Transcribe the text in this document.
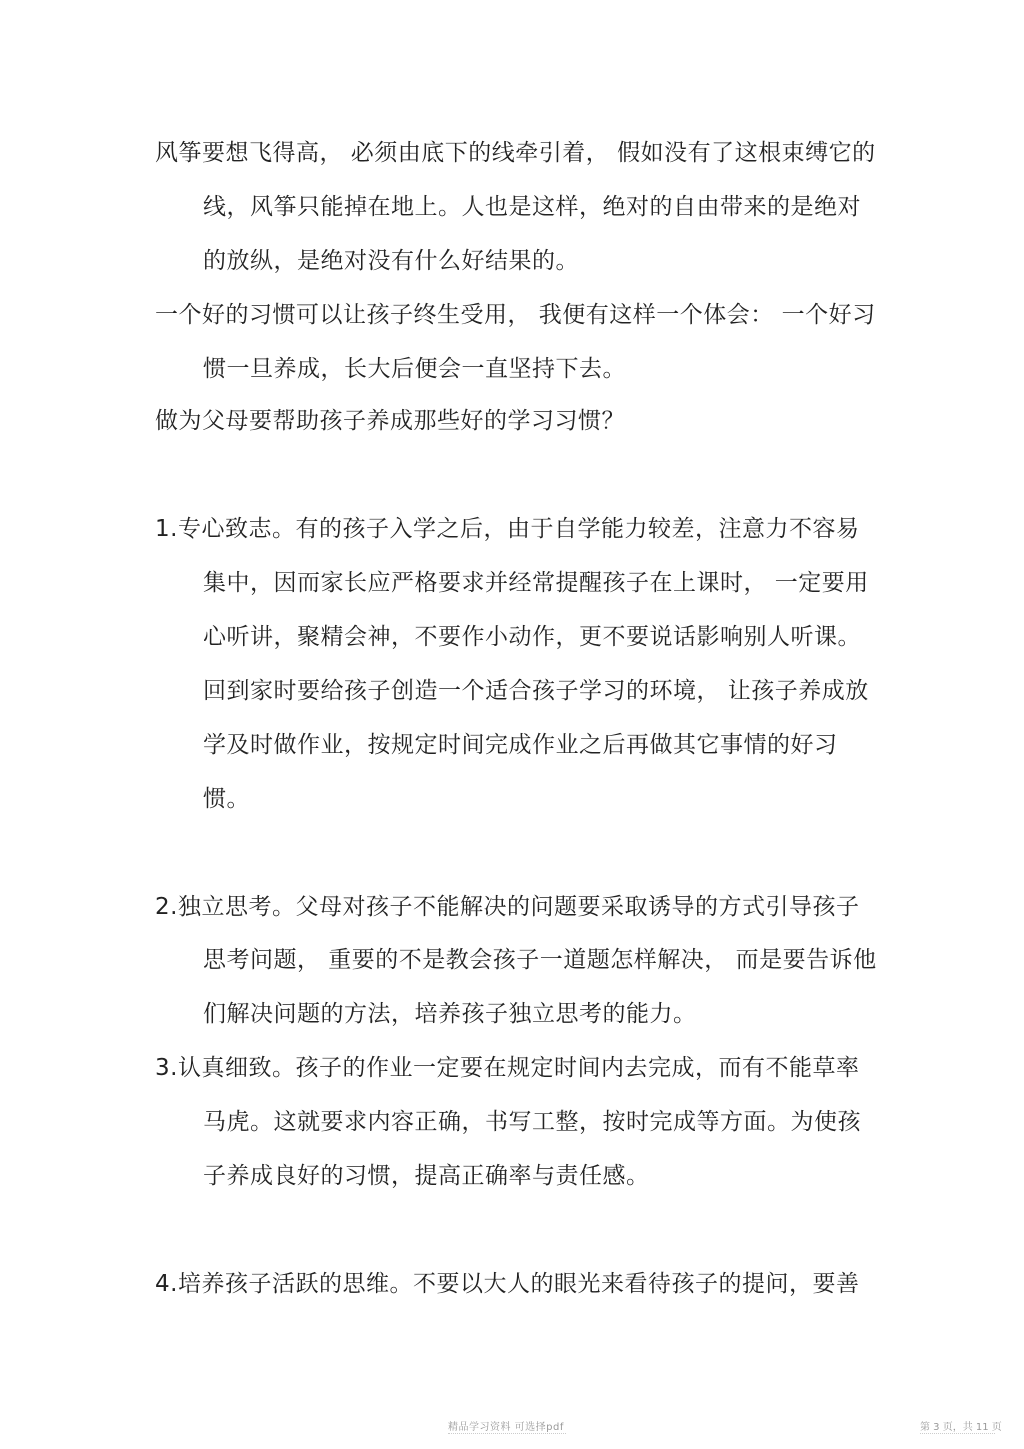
风筝要想飞得高， 必须由底下的线牵引着， 假如没有了这根束缚它的
线，风筝只能掉在地上。人也是这样，绝对的自由带来的是绝对
的放纵，是绝对没有什么好结果的。
一个好的习惯可以让孩子终生受用， 我便有这样一个体会： 一个好习
惯一旦养成，长大后便会一直坚持下去。
做为父母要帮助孩子养成那些好的学习习惯？
1.专心致志。有的孩子入学之后，由于自学能力较差，注意力不容易
集中，因而家长应严格要求并经常提醒孩子在上课时， 一定要用
心听讲，聚精会神，不要作小动作，更不要说话影响别人听课。
回到家时要给孩子创造一个适合孩子学习的环境， 让孩子养成放
学及时做作业，按规定时间完成作业之后再做其它事情的好习
惯。
2.独立思考。父母对孩子不能解决的问题要采取诱导的方式引导孩子
思考问题， 重要的不是教会孩子一道题怎样解决， 而是要告诉他
们解决问题的方法，培养孩子独立思考的能力。
3.认真细致。孩子的作业一定要在规定时间内去完成，而有不能草率
马虎。这就要求内容正确，书写工整，按时完成等方面。为使孩
子养成良好的习惯，提高正确率与责任感。
4.培养孩子活跃的思维。不要以大人的眼光来看待孩子的提问，要善
精品学习资料 可选择pdf	第 3 页，共 11 页
